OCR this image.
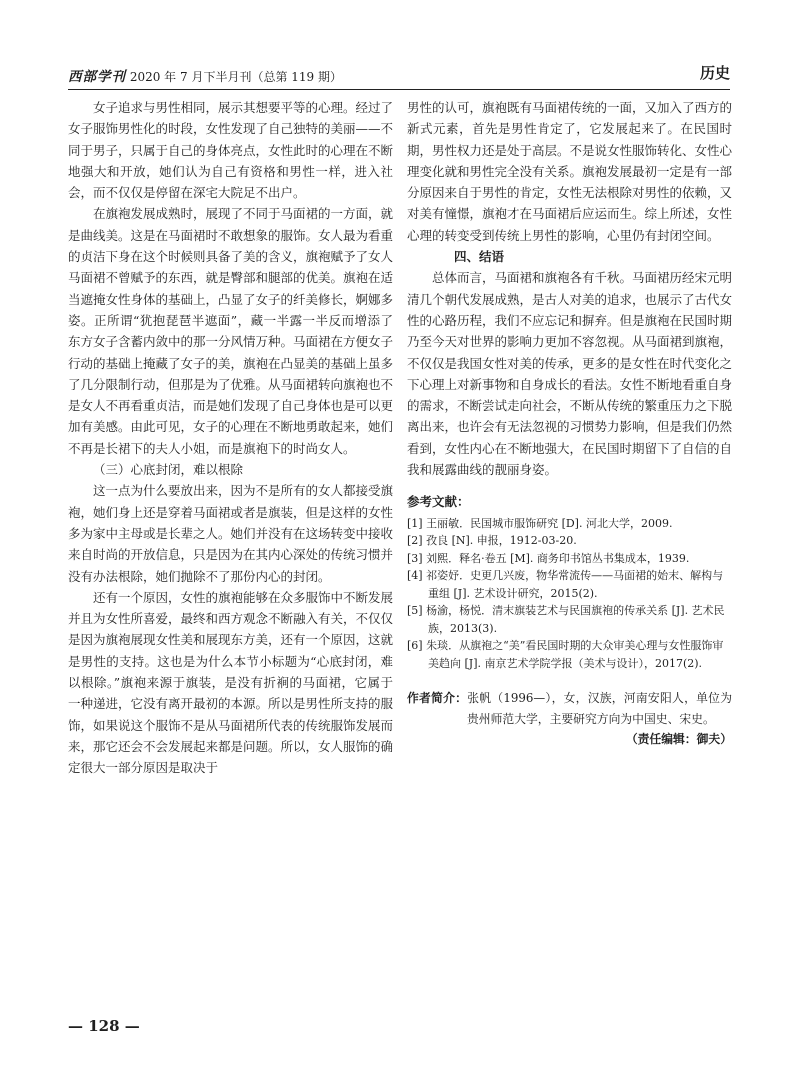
西部学刊 2020 年 7 月下半月刊（总第 119 期）	历史

女子追求与男性相同，展示其想要平等的心理。经过了女子服饰男性化的时段，女性发现了自己独特的美丽——不同于男子，只属于自己的身体亮点，女性此时的心理在不断地强大和开放，她们认为自己有资格和男性一样，进入社会，而不仅仅是停留在深宅大院足不出户。

在旗袍发展成熟时，展现了不同于马面裙的一方面，就是曲线美。这是在马面裙时不敢想象的服饰。女人最为看重的贞洁下身在这个时候则具备了美的含义，旗袍赋予了女人马面裙不曾赋予的东西，就是臀部和腿部的优美。旗袍在适当遮掩女性身体的基础上，凸显了女子的纤美修长，婀娜多姿。正所谓“犹抱琵琶半遮面”，藏一半露一半反而增添了东方女子含蓄内敛中的那一分风情万种。马面裙在方便女子行动的基础上掩藏了女子的美，旗袍在凸显美的基础上虽多了几分限制行动，但那是为了优雅。从马面裙转向旗袍也不是女人不再看重贞洁，而是她们发现了自己身体也是可以更加有美感。由此可见，女子的心理在不断地勇敢起来，她们不再是长裙下的夫人小姐，而是旗袍下的时尚女人。

（三）心底封闭，难以根除

这一点为什么要放出来，因为不是所有的女人都接受旗袍，她们身上还是穿着马面裙或者是旗装，但是这样的女性多为家中主母或是长辈之人。她们并没有在这场转变中接收来自时尚的开放信息，只是因为在其内心深处的传统习惯并没有办法根除，她们抛除不了那份内心的封闭。

还有一个原因，女性的旗袍能够在众多服饰中不断发展并且为女性所喜爱，最终和西方观念不断融入有关，不仅仅是因为旗袍展现女性美和展现东方美，还有一个原因，这就是男性的支持。这也是为什么本节小标题为“心底封闭，难以根除。”旗袍来源于旗装，是没有折裥的马面裙，它属于一种递进，它没有离开最初的本源。所以是男性所支持的服饰，如果说这个服饰不是从马面裙所代表的传统服饰发展而来，那它还会不会发展起来都是问题。所以，女人服饰的确定很大一部分原因是取决于

男性的认可，旗袍既有马面裙传统的一面，又加入了西方的新式元素，首先是男性肯定了，它发展起来了。在民国时期，男性权力还是处于高层。不是说女性服饰转化、女性心理变化就和男性完全没有关系。旗袍发展最初一定是有一部分原因来自于男性的肯定，女性无法根除对男性的依赖，又对美有憧憬，旗袍才在马面裙后应运而生。综上所述，女性心理的转变受到传统上男性的影响，心里仍有封闭空间。

四、结语

总体而言，马面裙和旗袍各有千秋。马面裙历经宋元明清几个朝代发展成熟，是古人对美的追求，也展示了古代女性的心路历程，我们不应忘记和摒弃。但是旗袍在民国时期乃至今天对世界的影响力更加不容忽视。从马面裙到旗袍，不仅仅是我国女性对美的传承，更多的是女性在时代变化之下心理上对新事物和自身成长的看法。女性不断地看重自身的需求，不断尝试走向社会，不断从传统的繁重压力之下脱离出来，也许会有无法忽视的习惯势力影响，但是我们仍然看到，女性内心在不断地强大，在民国时期留下了自信的自我和展露曲线的靓丽身姿。

参考文献：
[1] 王丽敏．民国城市服饰研究 [D]. 河北大学，2009.
[2] 孜良 [N]. 申报，1912-03-20.
[3] 刘熙．释名·卷五 [M]. 商务印书馆丛书集成本，1939.
[4] 祁姿妤．史更几兴废，物华常流传——马面裙的始末、解构与重组 [J]. 艺术设计研究，2015(2).
[5] 杨渝，杨悦．清末旗装艺术与民国旗袍的传承关系 [J]. 艺术民族，2013(3).
[6] 朱琰．从旗袍之“美”看民国时期的大众审美心理与女性服饰审美趋向 [J]. 南京艺术学院学报（美术与设计），2017(2).
作者简介：张帆（1996—），女，汉族，河南安阳人，单位为贵州师范大学，主要研究方向为中国史、宋史。
（责任编辑：御夫）
— 128 —
